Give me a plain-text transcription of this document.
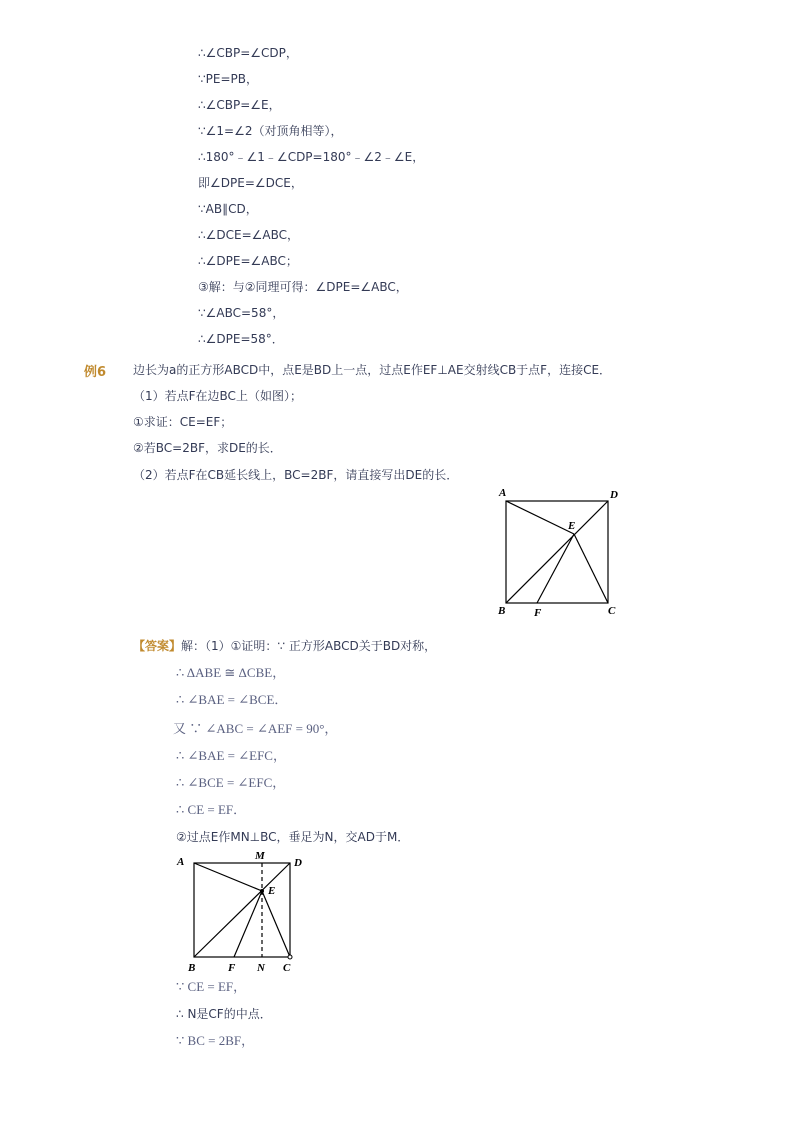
∴∠CBP=∠CDP，
∵PE=PB，
∴∠CBP=∠E，
∵∠1=∠2（对顶角相等），
∴180°﹣∠1﹣∠CDP=180°﹣∠2﹣∠E，
即∠DPE=∠DCE，
∵AB∥CD，
∴∠DCE=∠ABC，
∴∠DPE=∠ABC；
③解：与②同理可得：∠DPE=∠ABC，
∵∠ABC=58°，
∴∠DPE=58°．
例6 边长为a的正方形ABCD中，点E是BD上一点，过点E作EF⊥AE交射线CB于点F，连接CE．
（1）若点F在边BC上（如图）；
①求证：CE=EF；
②若BC=2BF，求DE的长．
（2）若点F在CB延长线上，BC=2BF，请直接写出DE的长．
A	D
E
B	F	C
【答案】解：（1）①证明：∵ 正方形ABCD关于BD对称，
∴ ΔABE ≅ ΔCBE，
∴ ∠BAE = ∠BCE．
又 ∵ ∠ABC = ∠AEF = 90°，
∴ ∠BAE = ∠EFC，
∴ ∠BCE = ∠EFC，
∴ CE = EF．
②过点E作MN⊥BC，垂足为N，交AD于M．
A	M
D
E
B	F N C
∵ CE = EF，
∴ N是CF的中点．
∵ BC = 2BF，
